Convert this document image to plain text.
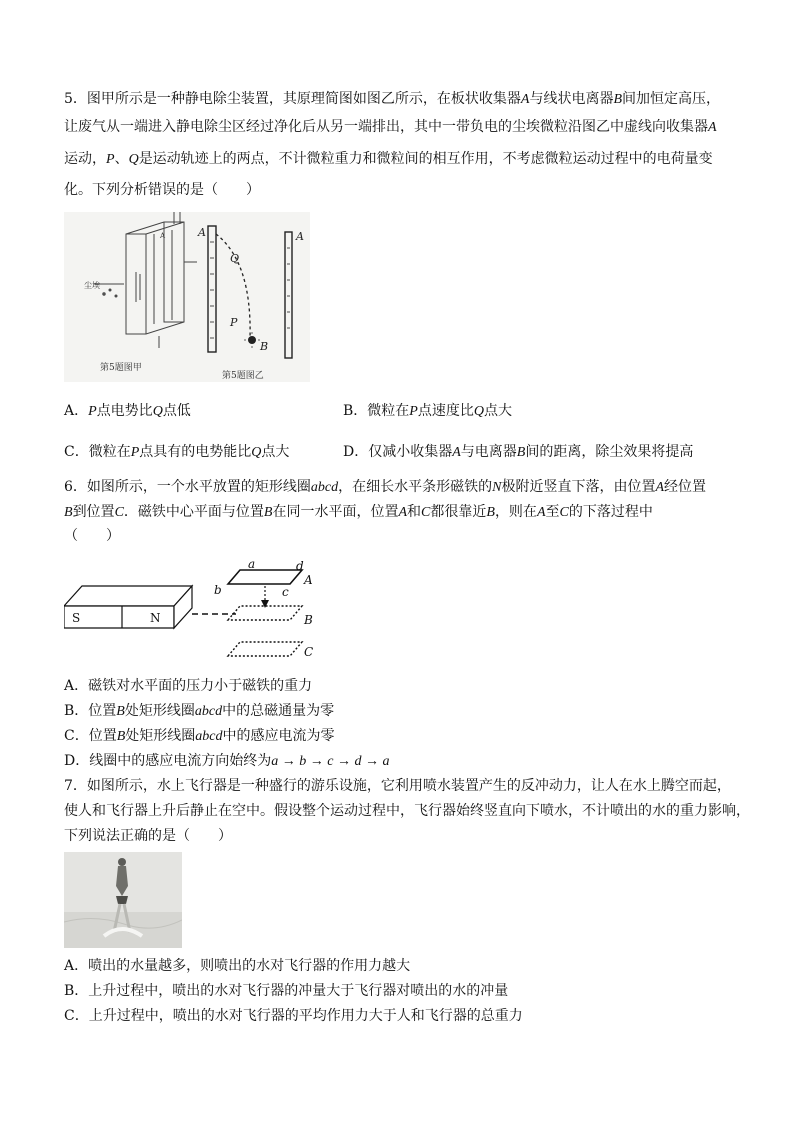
5．图甲所示是一种静电除尘装置，其原理简图如图乙所示，在板状收集器A与线状电离器B间加恒定高压，
让废气从一端进入静电除尘区经过净化后从另一端排出，其中一带负电的尘埃微粒沿图乙中虚线向收集器A
运动，P、Q是运动轨迹上的两点，不计微粒重力和微粒间的相互作用，不考虑微粒运动过程中的电荷量变
化。下列分析错误的是（　　）
尘埃
A	A
Q
P
B
A
第5题图甲
第5题图乙
A．P点电势比Q点低	B．微粒在P点速度比Q点大
C．微粒在P点具有的电势能比Q点大	D．仅减小收集器A与电离器B间的距离，除尘效果将提高
6．如图所示，一个水平放置的矩形线圈abcd，在细长水平条形磁铁的N极附近竖直下落，由位置A经位置
B到位置C．磁铁中心平面与位置B在同一水平面，位置A和C都很靠近B，则在A至C的下落过程中
（　　）
S	N
a	d
b	c
A
B
C
A．磁铁对水平面的压力小于磁铁的重力
B．位置B处矩形线圈abcd中的总磁通量为零
C．位置B处矩形线圈abcd中的感应电流为零
D．线圈中的感应电流方向始终为a → b → c → d → a
7．如图所示，水上飞行器是一种盛行的游乐设施，它利用喷水装置产生的反冲动力，让人在水上腾空而起，
使人和飞行器上升后静止在空中。假设整个运动过程中，飞行器始终竖直向下喷水，不计喷出的水的重力影响，
下列说法正确的是（　　）
A．喷出的水量越多，则喷出的水对飞行器的作用力越大
B．上升过程中，喷出的水对飞行器的冲量大于飞行器对喷出的水的冲量
C．上升过程中，喷出的水对飞行器的平均作用力大于人和飞行器的总重力
